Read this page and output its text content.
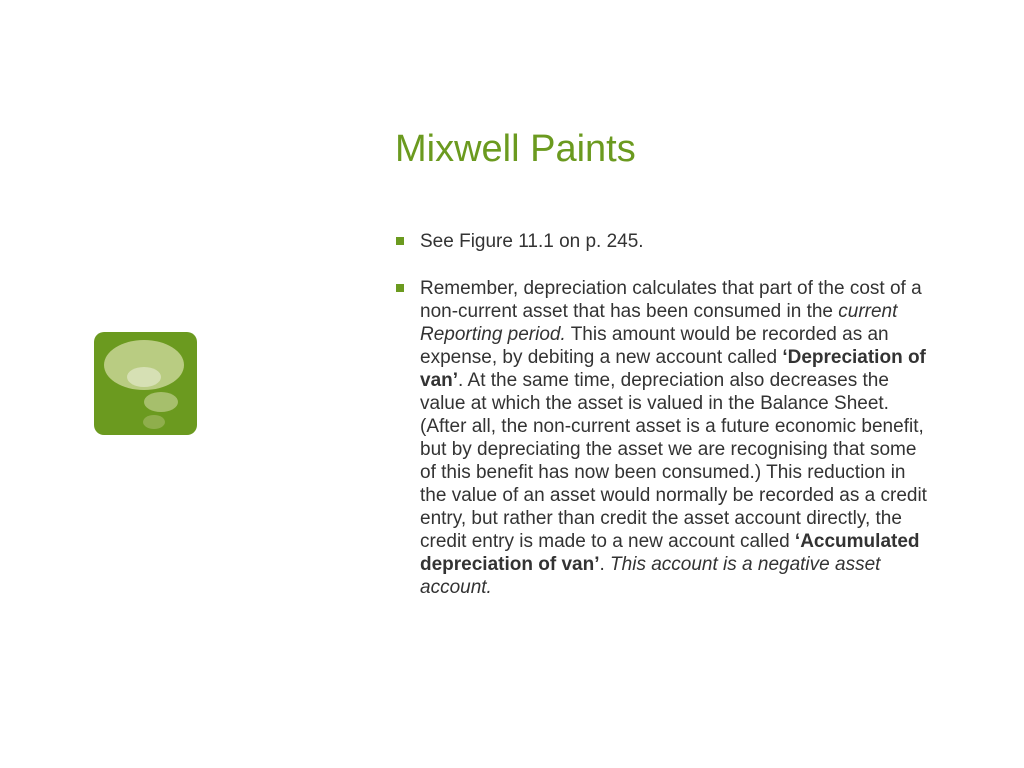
Mixwell Paints
See Figure 11.1 on p. 245.
Remember, depreciation calculates that part of the cost of a non-current asset that has been consumed in the current Reporting period. This amount would be recorded as an expense, by debiting a new account called ‘Depreciation of van’. At the same time, depreciation also decreases the value at which the asset is valued in the Balance Sheet. (After all, the non-current asset is a future economic benefit, but by depreciating the asset we are recognising that some of this benefit has now been consumed.) This reduction in the value of an asset would normally be recorded as a credit entry, but rather than credit the asset account directly, the credit entry is made to a new account called ‘Accumulated depreciation of van’. This account is a negative asset account.
